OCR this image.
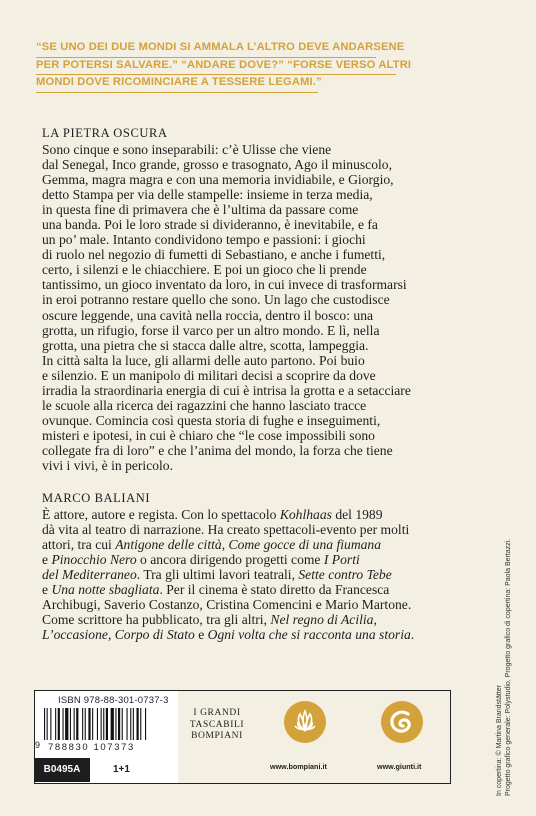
“SE UNO DEI DUE MONDI SI AMMALA L’ALTRO DEVE ANDARSENE
PER POTERSI SALVARE.” “ANDARE DOVE?” “FORSE VERSO ALTRI
MONDI DOVE RICOMINCIARE A TESSERE LEGAMI.”
LA PIETRA OSCURA
Sono cinque e sono inseparabili: c’è Ulisse che viene
dal Senegal, Inco grande, grosso e trasognato, Ago il minuscolo,
Gemma, magra magra e con una memoria invidiabile, e Giorgio,
detto Stampa per via delle stampelle: insieme in terza media,
in questa fine di primavera che è l’ultima da passare come
una banda. Poi le loro strade si divideranno, è inevitabile, e fa
un po’ male. Intanto condividono tempo e passioni: i giochi
di ruolo nel negozio di fumetti di Sebastiano, e anche i fumetti,
certo, i silenzi e le chiacchiere. E poi un gioco che li prende
tantissimo, un gioco inventato da loro, in cui invece di trasformarsi
in eroi potranno restare quello che sono. Un lago che custodisce
oscure leggende, una cavità nella roccia, dentro il bosco: una
grotta, un rifugio, forse il varco per un altro mondo. E lì, nella
grotta, una pietra che si stacca dalle altre, scotta, lampeggia.
In città salta la luce, gli allarmi delle auto partono. Poi buio
e silenzio. E un manipolo di militari decisi a scoprire da dove
irradia la straordinaria energia di cui è intrisa la grotta e a setacciare
le scuole alla ricerca dei ragazzini che hanno lasciato tracce
ovunque. Comincia così questa storia di fughe e inseguimenti,
misteri e ipotesi, in cui è chiaro che “le cose impossibili sono
collegate fra di loro” e che l’anima del mondo, la forza che tiene
vivi i vivi, è in pericolo.
MARCO BALIANI
È attore, autore e regista. Con lo spettacolo Kohlhaas del 1989
dà vita al teatro di narrazione. Ha creato spettacoli-evento per molti
attori, tra cui Antigone delle città, Come gocce di una fiumana
e Pinocchio Nero o ancora dirigendo progetti come I Porti
del Mediterraneo. Tra gli ultimi lavori teatrali, Sette contro Tebe
e Una notte sbagliata. Per il cinema è stato diretto da Francesca
Archibugi, Saverio Costanzo, Cristina Comencini e Mario Martone.
Come scrittore ha pubblicato, tra gli altri, Nel regno di Acilia,
L’occasione, Corpo di Stato e Ogni volta che si racconta una storia.
In copertina: © Martina Brandstätter Progetto grafico generale: Polystudio. Progetto grafico di copertina: Paola Bertazzi.
ISBN 978-88-301-0737-3
9 788830 107373
B0495A	1+1
I GRANDI
TASCABILI
BOMPIANI
www.bompiani.it	www.giunti.it
